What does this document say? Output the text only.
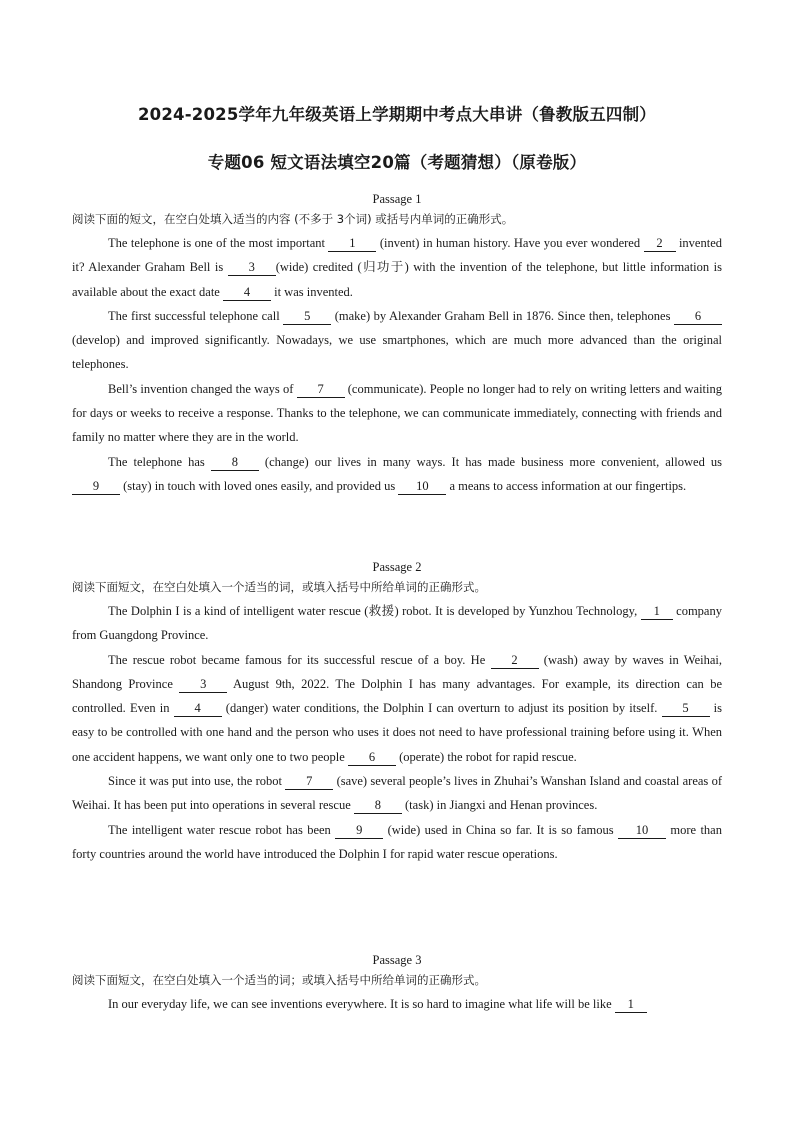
2024-2025学年九年级英语上学期期中考点大串讲（鲁教版五四制）
专题06 短文语法填空20篇（考题猜想）（原卷版）
Passage 1
阅读下面的短文，在空白处填入适当的内容 (不多于 3个词) 或括号内单词的正确形式。

The telephone is one of the most important 1 (invent) in human history. Have you ever wondered 2 invented it? Alexander Graham Bell is 3 (wide) credited (归功于) with the invention of the telephone, but little information is available about the exact date 4 it was invented.

The first successful telephone call 5 (make) by Alexander Graham Bell in 1876. Since then, telephones 6 (develop) and improved significantly. Nowadays, we use smartphones, which are much more advanced than the original telephones.

Bell’s invention changed the ways of 7 (communicate). People no longer had to rely on writing letters and waiting for days or weeks to receive a response. Thanks to the telephone, we can communicate immediately, connecting with friends and family no matter where they are in the world.

The telephone has 8 (change) our lives in many ways. It has made business more convenient, allowed us 9 (stay) in touch with loved ones easily, and provided us 10 a means to access information at our fingertips.

Passage 2
阅读下面短文，在空白处填入一个适当的词，或填入括号中所给单词的正确形式。

The Dolphin I is a kind of intelligent water rescue (救援) robot. It is developed by Yunzhou Technology, 1 company from Guangdong Province.

The rescue robot became famous for its successful rescue of a boy. He 2 (wash) away by waves in Weihai, Shandong Province 3 August 9th, 2022. The Dolphin I has many advantages. For example, its direction can be controlled. Even in 4 (danger) water conditions, the Dolphin I can overturn to adjust its position by itself. 5 is easy to be controlled with one hand and the person who uses it does not need to have professional training before using it. When one accident happens, we want only one to two people 6 (operate) the robot for rapid rescue.

Since it was put into use, the robot 7 (save) several people’s lives in Zhuhai’s Wanshan Island and coastal areas of Weihai. It has been put into operations in several rescue 8 (task) in Jiangxi and Henan provinces.

The intelligent water rescue robot has been 9 (wide) used in China so far. It is so famous 10 more than forty countries around the world have introduced the Dolphin I for rapid water rescue operations.

Passage 3
阅读下面短文，在空白处填入一个适当的词；或填入括号中所给单词的正确形式。

In our everyday life, we can see inventions everywhere. It is so hard to imagine what life will be like 1
